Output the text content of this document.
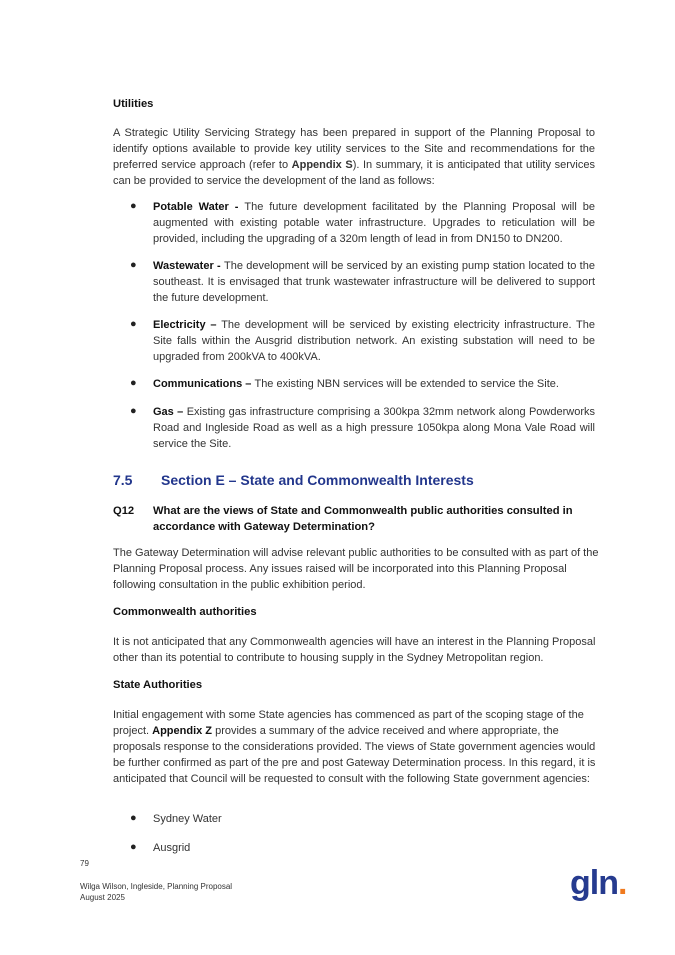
Utilities
A Strategic Utility Servicing Strategy has been prepared in support of the Planning Proposal to identify options available to provide key utility services to the Site and recommendations for the preferred service approach (refer to Appendix S). In summary, it is anticipated that utility services can be provided to service the development of the land as follows:
● Potable Water - The future development facilitated by the Planning Proposal will be augmented with existing potable water infrastructure. Upgrades to reticulation will be provided, including the upgrading of a 320m length of lead in from DN150 to DN200.
● Wastewater - The development will be serviced by an existing pump station located to the southeast. It is envisaged that trunk wastewater infrastructure will be delivered to support the future development.
● Electricity – The development will be serviced by existing electricity infrastructure. The Site falls within the Ausgrid distribution network. An existing substation will need to be upgraded from 200kVA to 400kVA.
● Communications – The existing NBN services will be extended to service the Site.
● Gas – Existing gas infrastructure comprising a 300kpa 32mm network along Powderworks Road and Ingleside Road as well as a high pressure 1050kpa along Mona Vale Road will service the Site.
7.5 Section E – State and Commonwealth Interests
Q12 What are the views of State and Commonwealth public authorities consulted in accordance with Gateway Determination?
The Gateway Determination will advise relevant public authorities to be consulted with as part of the Planning Proposal process. Any issues raised will be incorporated into this Planning Proposal following consultation in the public exhibition period.
Commonwealth authorities
It is not anticipated that any Commonwealth agencies will have an interest in the Planning Proposal other than its potential to contribute to housing supply in the Sydney Metropolitan region.
State Authorities
Initial engagement with some State agencies has commenced as part of the scoping stage of the project. Appendix Z provides a summary of the advice received and where appropriate, the proposals response to the considerations provided. The views of State government agencies would be further confirmed as part of the pre and post Gateway Determination process. In this regard, it is anticipated that Council will be requested to consult with the following State government agencies:
● Sydney Water
● Ausgrid
79
Wilga Wilson, Ingleside, Planning Proposal
August 2025	gln.
